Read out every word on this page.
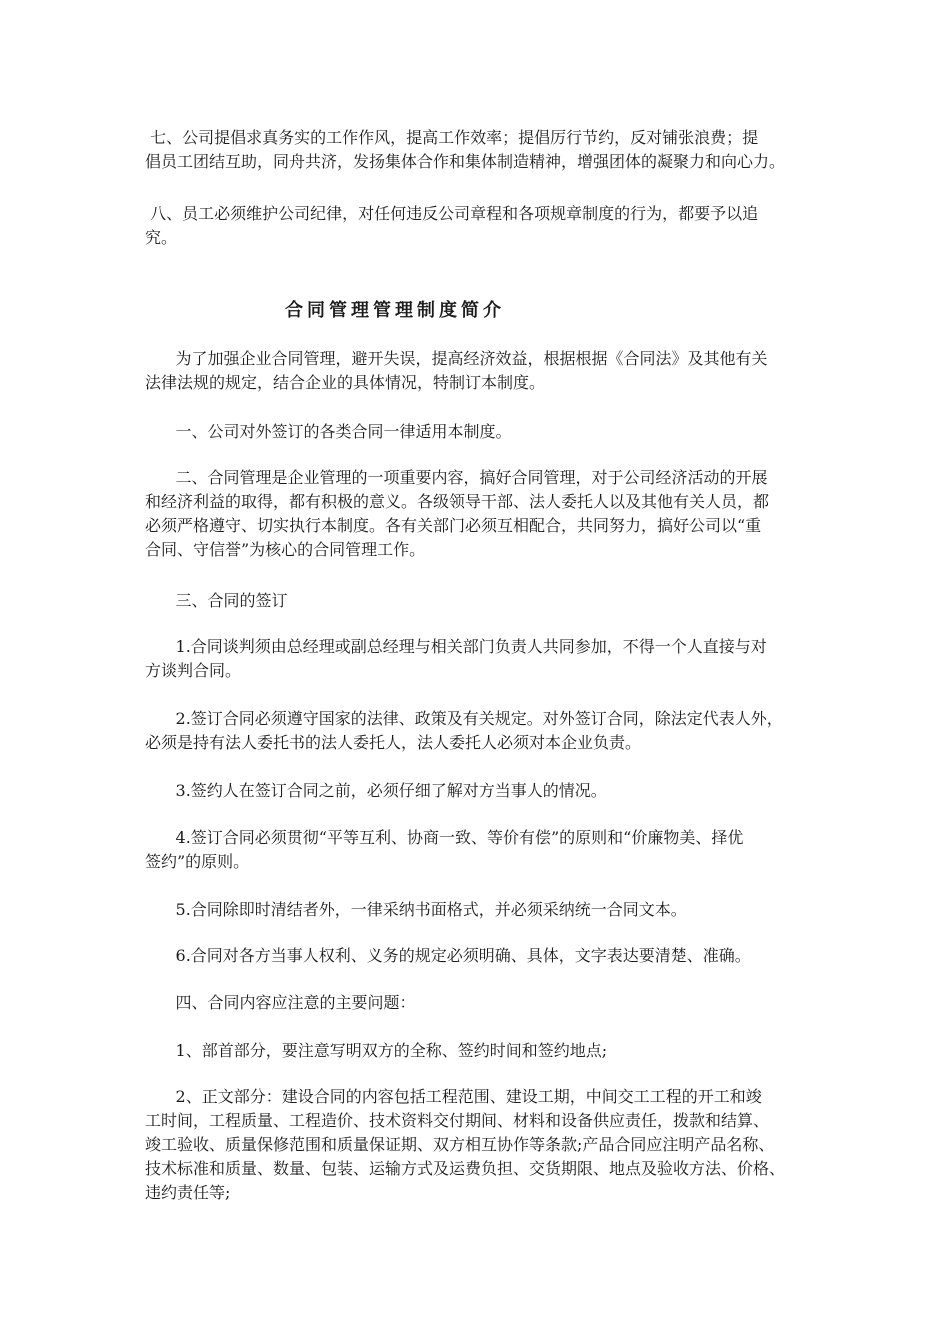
七、公司提倡求真务实的工作作风，提高工作效率；提倡厉行节约，反对铺张浪费；提
倡员工团结互助，同舟共济，发扬集体合作和集体制造精神，增强团体的凝聚力和向心力。
八、员工必须维护公司纪律，对任何违反公司章程和各项规章制度的行为，都要予以追
究。
合同管理管理制度简介
为了加强企业合同管理，避开失误，提高经济效益，根据根据《合同法》及其他有关
法律法规的规定，结合企业的具体情况，特制订本制度。
一、公司对外签订的各类合同一律适用本制度。
二、合同管理是企业管理的一项重要内容，搞好合同管理，对于公司经济活动的开展
和经济利益的取得，都有积极的意义。各级领导干部、法人委托人以及其他有关人员，都
必须严格遵守、切实执行本制度。各有关部门必须互相配合，共同努力，搞好公司以“重
合同、守信誉”为核心的合同管理工作。
三、合同的签订
1.合同谈判须由总经理或副总经理与相关部门负责人共同参加，不得一个人直接与对
方谈判合同。
2.签订合同必须遵守国家的法律、政策及有关规定。对外签订合同，除法定代表人外，
必须是持有法人委托书的法人委托人，法人委托人必须对本企业负责。
3.签约人在签订合同之前，必须仔细了解对方当事人的情况。
4.签订合同必须贯彻“平等互利、协商一致、等价有偿”的原则和“价廉物美、择优
签约”的原则。
5.合同除即时清结者外，一律采纳书面格式，并必须采纳统一合同文本。
6.合同对各方当事人权利、义务的规定必须明确、具体，文字表达要清楚、准确。
四、合同内容应注意的主要问题：
1、部首部分，要注意写明双方的全称、签约时间和签约地点;
2、正文部分：建设合同的内容包括工程范围、建设工期，中间交工工程的开工和竣
工时间，工程质量、工程造价、技术资料交付期间、材料和设备供应责任，拨款和结算、
竣工验收、质量保修范围和质量保证期、双方相互协作等条款;产品合同应注明产品名称、
技术标准和质量、数量、包装、运输方式及运费负担、交货期限、地点及验收方法、价格、
违约责任等;
